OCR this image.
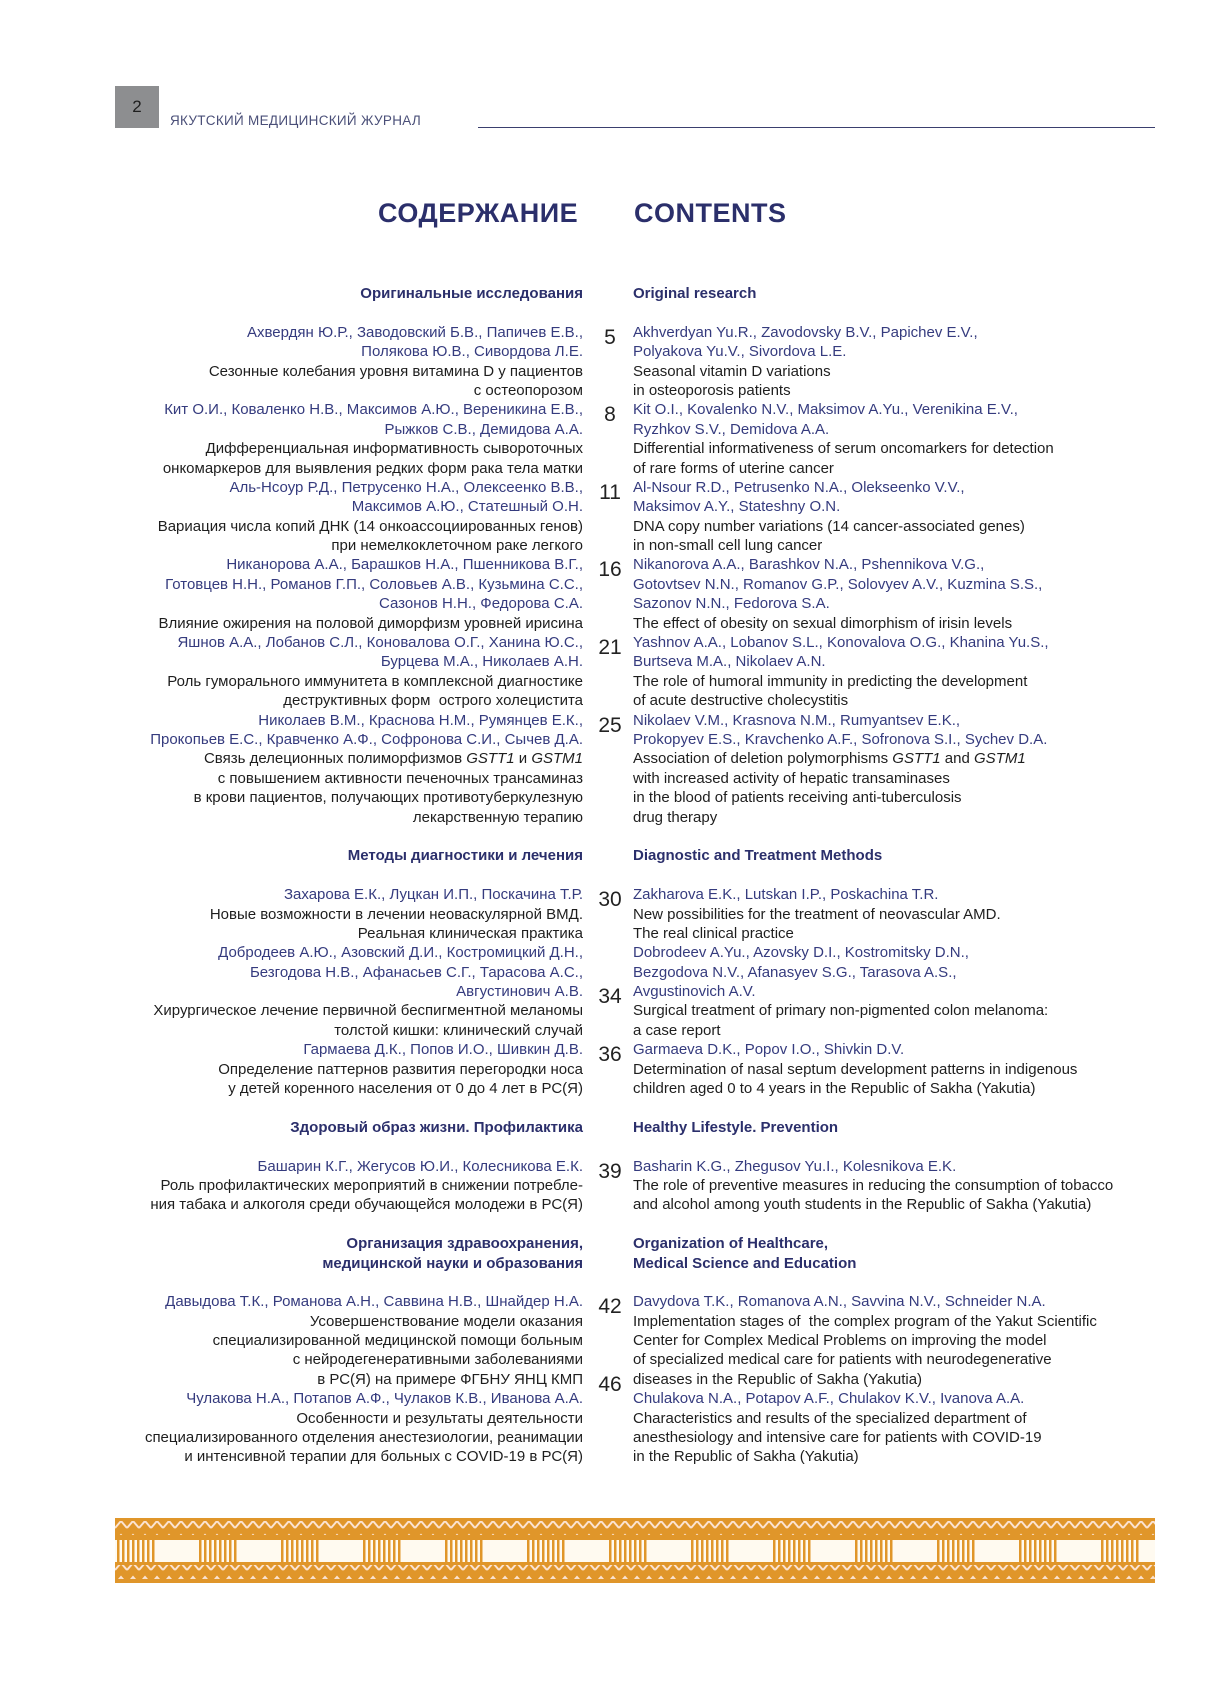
2
ЯКУТСКИЙ МЕДИЦИНСКИЙ ЖУРНАЛ
СОДЕРЖАНИЕ CONTENTS
Оригинальные исследования	Original research
Ахвердян Ю.Р., Заводовский Б.В., Папичев Е.В.,	5	Akhverdyan Yu.R., Zavodovsky B.V., Papichev E.V.,
Полякова Ю.В., Сивордова Л.Е.	Polyakova Yu.V., Sivordova L.E.
Сезонные колебания уровня витамина D у пациентов	Seasonal vitamin D variations
с остеопорозом	in osteoporosis patients
Кит О.И., Коваленко Н.В., Максимов А.Ю., Вереникина Е.В.,	8	Kit O.I., Kovalenko N.V., Maksimov A.Yu., Verenikina E.V.,
Рыжков С.В., Демидова А.А.	Ryzhkov S.V., Demidova A.A.
Дифференциальная информативность сывороточных	Differential informativeness of serum oncomarkers for detection
онкомаркеров для выявления редких форм рака тела матки	of rare forms of uterine cancer
Аль-Нсоур Р.Д., Петрусенко Н.А., Олексеенко В.В., 11 Al-Nsour R.D., Petrusenko N.A., Olekseenko V.V.,
Максимов А.Ю., Статешный О.Н.	Maksimov A.Y., Stateshny O.N.
Вариация числа копий ДНК (14 онкоассоциированных генов)	DNA copy number variations (14 cancer-associated genes)
при немелкоклеточном раке легкого	in non-small cell lung cancer
Никанорова А.А., Барашков Н.А., Пшенникова В.Г., 16 Nikanorova A.A., Barashkov N.A., Pshennikova V.G.,
Готовцев Н.Н., Романов Г.П., Соловьев А.В., Кузьмина С.С.,	Gotovtsev N.N., Romanov G.P., Solovyev A.V., Kuzmina S.S.,
Сазонов Н.Н., Федорова С.А.	Sazonov N.N., Fedorova S.A.
Влияние ожирения на половой диморфизм уровней ирисина	The effect of obesity on sexual dimorphism of irisin levels
Яшнов А.А., Лобанов С.Л., Коновалова О.Г., Ханина Ю.С., 21 Yashnov A.A., Lobanov S.L., Konovalova O.G., Khanina Yu.S.,
Бурцева М.А., Николаев А.Н.	Burtseva M.A., Nikolaev A.N.
Роль гуморального иммунитета в комплексной диагностике	The role of humoral immunity in predicting the development
деструктивных форм  острого холецистита	of acute destructive cholecystitis
Николаев В.М., Краснова Н.М., Румянцев Е.К., 25 Nikolaev V.M., Krasnova N.M., Rumyantsev E.K.,
Прокопьев Е.С., Кравченко А.Ф., Софронова С.И., Сычев Д.А.	Prokopyev E.S., Kravchenko A.F., Sofronova S.I., Sychev D.A.
Связь делеционных полиморфизмов GSTT1 и GSTM1	Association of deletion polymorphisms GSTT1 and GSTM1
с повышением активности печеночных трансаминаз	with increased activity of hepatic transaminases
в крови пациентов, получающих противотуберкулезную	in the blood of patients receiving anti-tuberculosis
лекарственную терапию	drug therapy
Методы диагностики и лечения	Diagnostic and Treatment Methods
Захарова Е.К., Луцкан И.П., Поскачина Т.Р. 30 Zakharova E.K., Lutskan I.P., Poskachina T.R.
Новые возможности в лечении неоваскулярной ВМД.	New possibilities for the treatment of neovascular AMD.
Реальная клиническая практика	The real clinical practice
Добродеев А.Ю., Азовский Д.И., Костромицкий Д.Н.,	Dobrodeev A.Yu., Azovsky D.I., Kostromitsky D.N.,
Безгодова Н.В., Афанасьев С.Г., Тарасова А.С.,	Bezgodova N.V., Afanasyev S.G., Tarasova A.S.,
Августинович А.В. 34 Avgustinovich A.V.
Хирургическое лечение первичной беспигментной меланомы	Surgical treatment of primary non-pigmented colon melanoma:
толстой кишки: клинический случай	a case report
Гармаева Д.К., Попов И.О., Шивкин Д.В. 36 Garmaeva D.K., Popov I.O., Shivkin D.V.
Определение паттернов развития перегородки носа	Determination of nasal septum development patterns in indigenous
у детей коренного населения от 0 до 4 лет в РС(Я)	children aged 0 to 4 years in the Republic of Sakha (Yakutia)
Здоровый образ жизни. Профилактика	Healthy Lifestyle. Prevention
Башарин К.Г., Жегусов Ю.И., Колесникова Е.К. 39 Basharin K.G., Zhegusov Yu.I., Kolesnikova E.K.
Роль профилактических мероприятий в снижении потребле-	The role of preventive measures in reducing the consumption of tobacco
ния табака и алкоголя среди обучающейся молодежи в РС(Я)	and alcohol among youth students in the Republic of Sakha (Yakutia)
Организация здравоохранения,	Organization of Healthcare,
медицинской науки и образования	Medical Science and Education
Давыдова Т.К., Романова А.Н., Саввина Н.В., Шнайдер Н.А. 42 Davydova T.K., Romanova A.N., Savvina N.V., Schneider N.A.
Усовершенствование модели оказания	Implementation stages of  the complex program of the Yakut Scientific
специализированной медицинской помощи больным	Center for Complex Medical Problems on improving the model
с нейродегенеративными заболеваниями	of specialized medical care for patients with neurodegenerative
в РС(Я) на примере ФГБНУ ЯНЦ КМП 46 diseases in the Republic of Sakha (Yakutia)
Чулакова Н.А., Потапов А.Ф., Чулаков К.В., Иванова А.А.	Chulakova N.A., Potapov A.F., Chulakov K.V., Ivanova A.A.
Особенности и результаты деятельности	Characteristics and results of the specialized department of
специализированного отделения анестезиологии, реанимации	anesthesiology and intensive care for patients with COVID-19
и интенсивной терапии для больных с COVID-19 в РС(Я)	in the Republic of Sakha (Yakutia)
